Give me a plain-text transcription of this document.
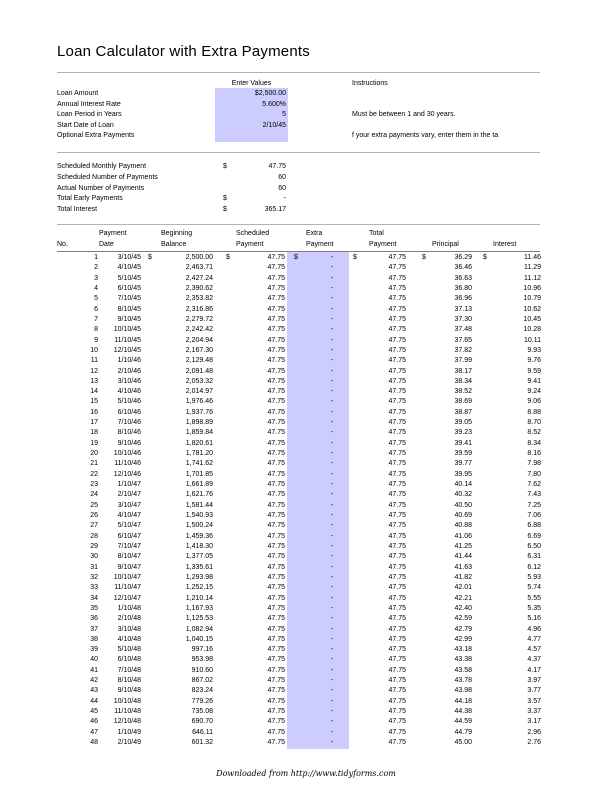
Loan Calculator with Extra Payments
Enter Values	Instructions
Loan Amount	$2,500.00
Annual Interest Rate	5.600%
Loan Period in Years	5	Must be between 1 and 30 years.
Start Date of Loan	2/10/45
Optional Extra Payments	f your extra payments vary, enter them in the ta
Scheduled Monthly Payment	$	47.75
Scheduled Number of Payments	60
Actual Number of Payments	60
Total Early Payments	$	-
Total Interest	$	365.17
Payment	Beginning	Scheduled	Extra	Total
No.	Date	Balance	Payment	Payment	Payment	Principal	Interest
1	3/10/45 $	2,500.00 $	47.75 $	-	$	47.75 $	36.29 $	11.46
2	4/10/45	2,463.71	47.75	-	47.75	36.46	11.29
3	5/10/45	2,427.24	47.75	-	47.75	36.63	11.12
4	6/10/45	2,390.62	47.75	-	47.75	36.80	10.96
5	7/10/45	2,353.82	47.75	-	47.75	36.96	10.79
6	8/10/45	2,316.86	47.75	-	47.75	37.13	10.62
7	9/10/45	2,279.72	47.75	-	47.75	37.30	10.45
8 10/10/45	2,242.42	47.75	-	47.75	37.48	10.28
9 11/10/45	2,204.94	47.75	-	47.75	37.65	10.11
10 12/10/45	2,167.30	47.75	-	47.75	37.82	9.93
11	1/10/46	2,129.48	47.75	-	47.75	37.99	9.76
12	2/10/46	2,091.48	47.75	-	47.75	38.17	9.59
13	3/10/46	2,053.32	47.75	-	47.75	38.34	9.41
14	4/10/46	2,014.97	47.75	-	47.75	38.52	9.24
15	5/10/46	1,976.46	47.75	-	47.75	38.69	9.06
16	6/10/46	1,937.76	47.75	-	47.75	38.87	8.88
17	7/10/46	1,898.89	47.75	-	47.75	39.05	8.70
18	8/10/46	1,859.84	47.75	-	47.75	39.23	8.52
19	9/10/46	1,820.61	47.75	-	47.75	39.41	8.34
20 10/10/46	1,781.20	47.75	-	47.75	39.59	8.16
21 11/10/46	1,741.62	47.75	-	47.75	39.77	7.98
22 12/10/46	1,701.85	47.75	-	47.75	39.95	7.80
23	1/10/47	1,661.89	47.75	-	47.75	40.14	7.62
24	2/10/47	1,621.76	47.75	-	47.75	40.32	7.43
25	3/10/47	1,581.44	47.75	-	47.75	40.50	7.25
26	4/10/47	1,540.93	47.75	-	47.75	40.69	7.06
27	5/10/47	1,500.24	47.75	-	47.75	40.88	6.88
28	6/10/47	1,459.36	47.75	-	47.75	41.06	6.69
29	7/10/47	1,418.30	47.75	-	47.75	41.25	6.50
30	8/10/47	1,377.05	47.75	-	47.75	41.44	6.31
31	9/10/47	1,335.61	47.75	-	47.75	41.63	6.12
32 10/10/47	1,293.98	47.75	-	47.75	41.82	5.93
33 11/10/47	1,252.15	47.75	-	47.75	42.01	5.74
34 12/10/47	1,210.14	47.75	-	47.75	42.21	5.55
35	1/10/48	1,167.93	47.75	-	47.75	42.40	5.35
36	2/10/48	1,125.53	47.75	-	47.75	42.59	5.16
37	3/10/48	1,082.94	47.75	-	47.75	42.79	4.96
38	4/10/48	1,040.15	47.75	-	47.75	42.99	4.77
39	5/10/48	997.16	47.75	-	47.75	43.18	4.57
40	6/10/48	953.98	47.75	-	47.75	43.38	4.37
41	7/10/48	910.60	47.75	-	47.75	43.58	4.17
42	8/10/48	867.02	47.75	-	47.75	43.78	3.97
43	9/10/48	823.24	47.75	-	47.75	43.98	3.77
44 10/10/48	779.26	47.75	-	47.75	44.18	3.57
45 11/10/48	735.08	47.75	-	47.75	44.38	3.37
46 12/10/48	690.70	47.75	-	47.75	44.59	3.17
47	1/10/49	646.11	47.75	-	47.75	44.79	2.96
48	2/10/49	601.32	47.75	-	47.75	45.00	2.76
Downloaded from http://www.tidyforms.com
